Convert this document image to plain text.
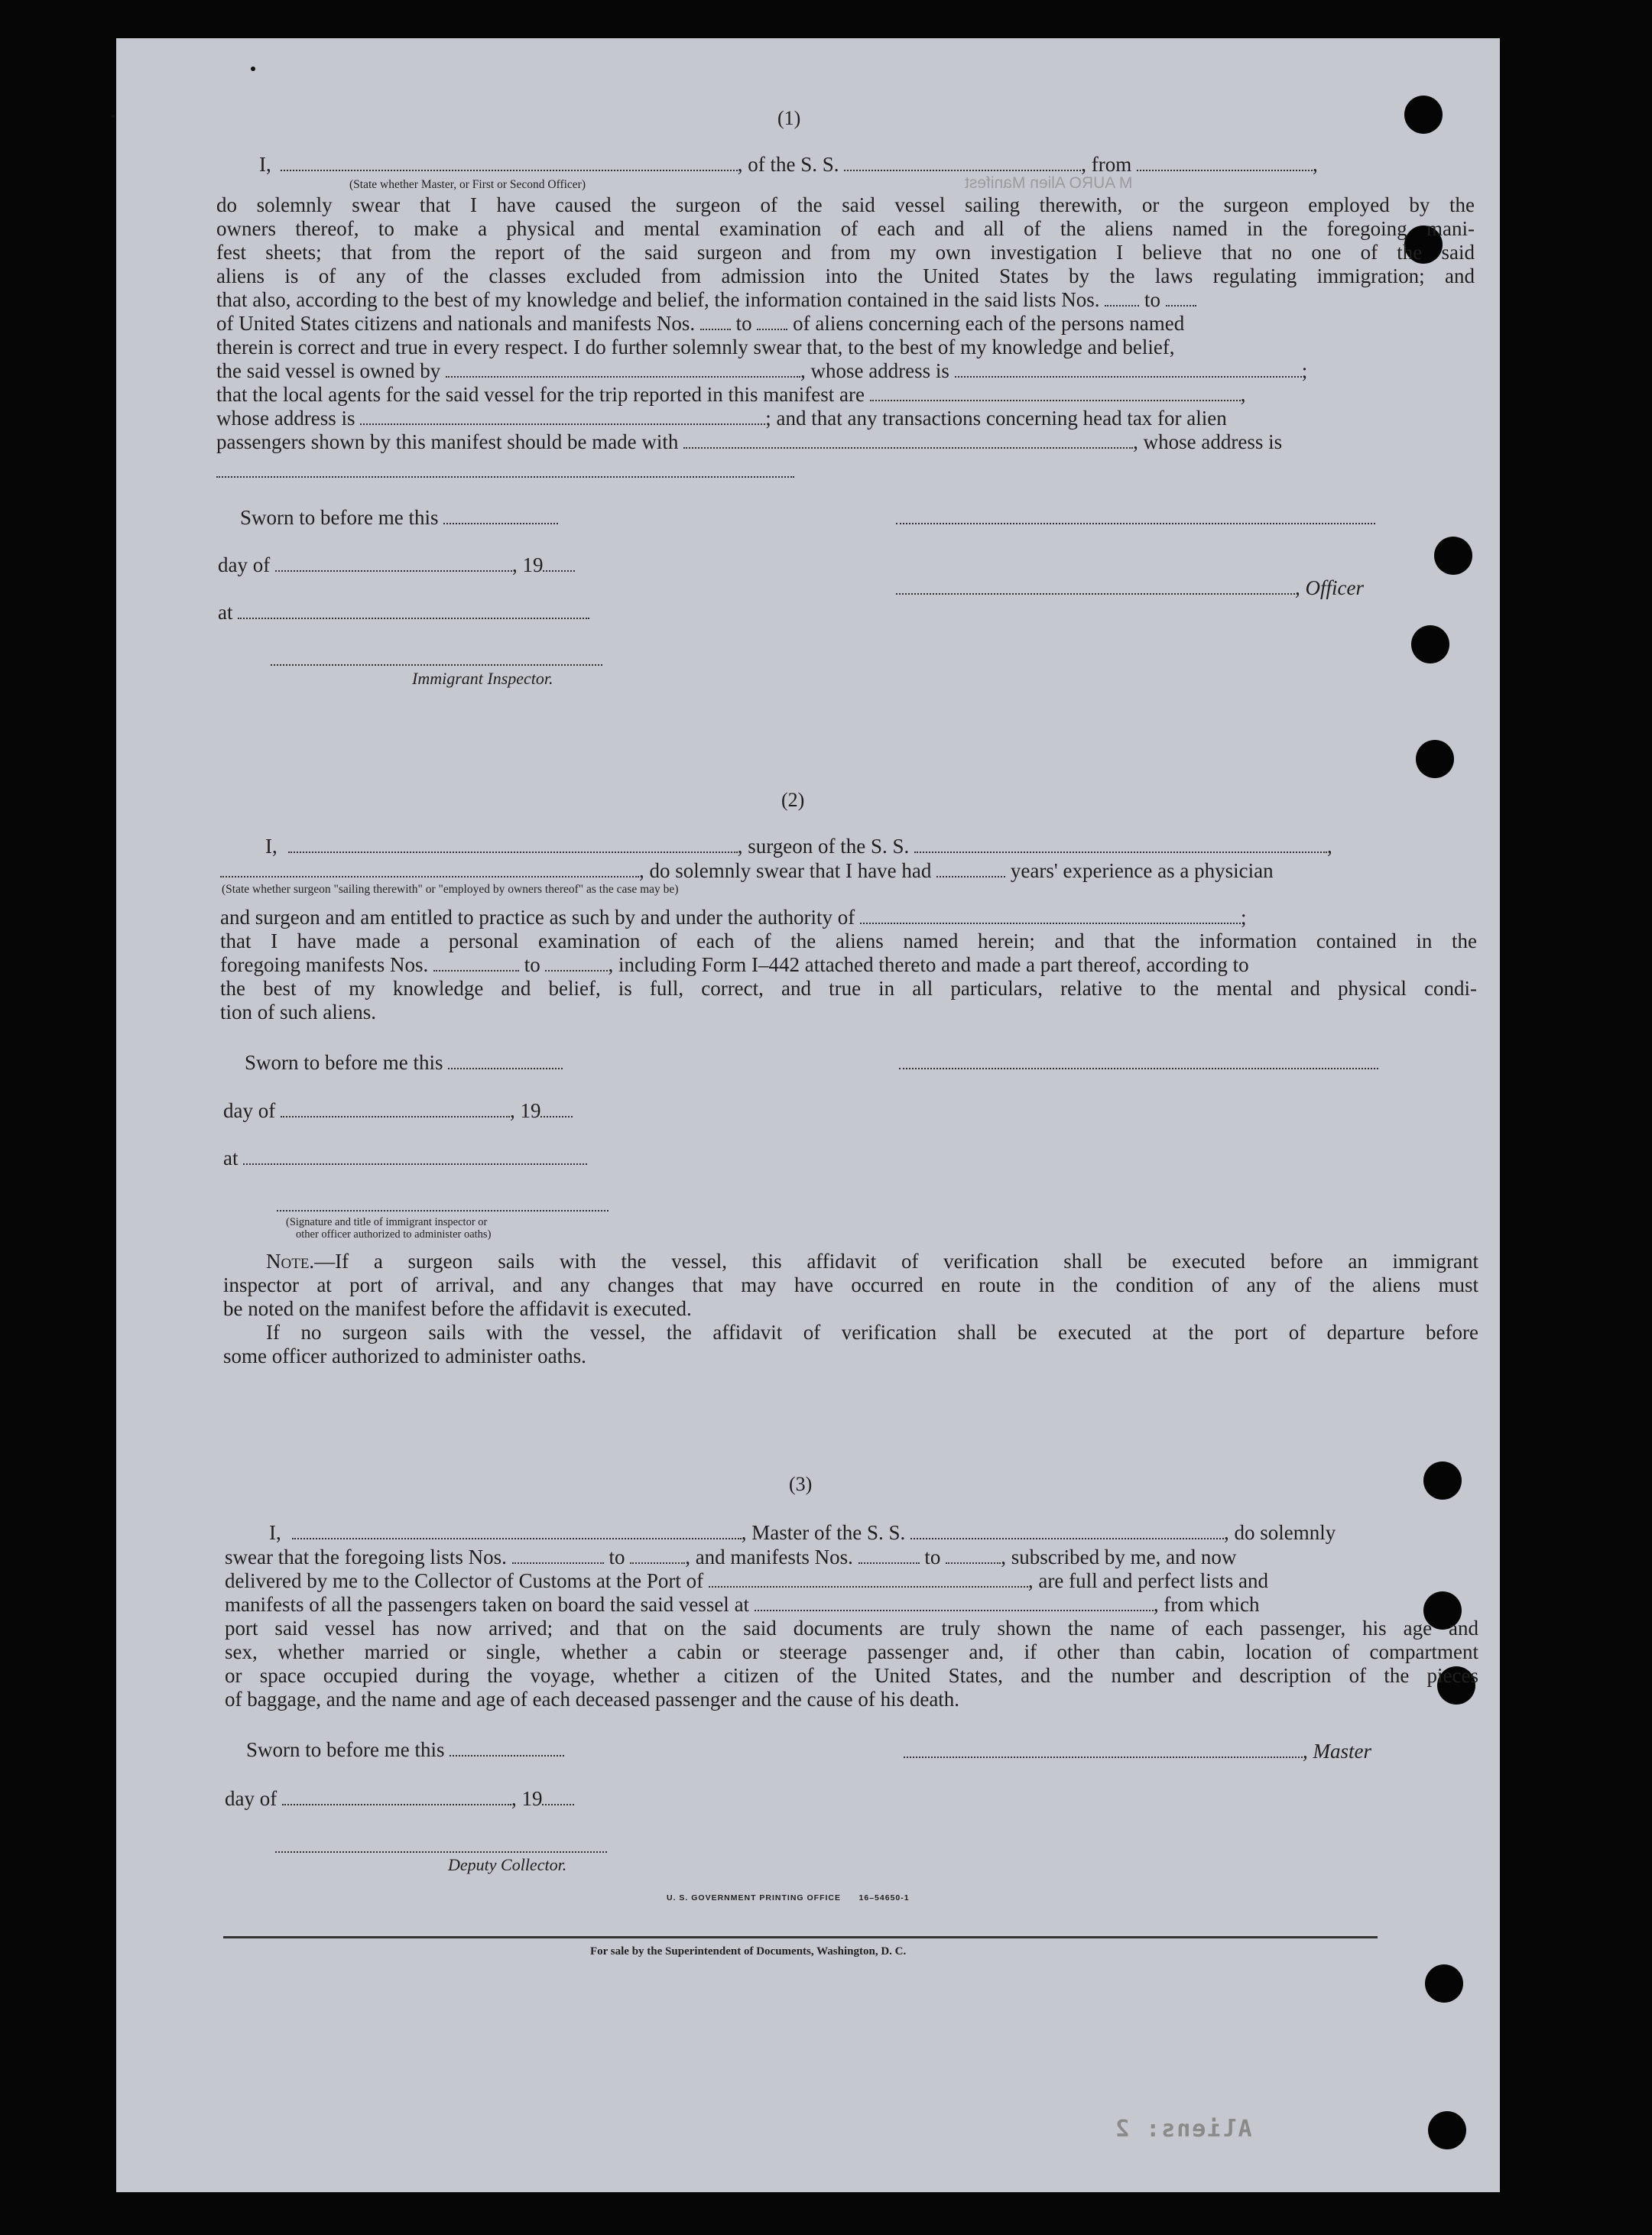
M AURO Alien Manifest
(1)
I,	, of the S. S.	, from	,
(State whether Master, or First or Second Officer)
do solemnly swear that I have caused the surgeon of the said vessel sailing therewith, or the surgeon employed by the
owners thereof, to make a physical and mental examination of each and all of the aliens named in the foregoing mani-
fest sheets; that from the report of the said surgeon and from my own investigation I believe that no one of the said
aliens is of any of the classes excluded from admission into the United States by the laws regulating immigration; and
that also, according to the best of my knowledge and belief, the information contained in the said lists Nos. to
of United States citizens and nationals and manifests Nos. to of aliens concerning each of the persons named
therein is correct and true in every respect. I do further solemnly swear that, to the best of my knowledge and belief,
the said vessel is owned by	, whose address is	;
that the local agents for the said vessel for the trip reported in this manifest are	,
whose address is	; and that any transactions concerning head tax for alien
passengers shown by this manifest should be made with	, whose address is
Sworn to before me this
day of	, 19
, Officer
at
Immigrant Inspector.
(2)
I,	, surgeon of the S. S.	,
, do solemnly swear that I have had	years' experience as a physician
(State whether surgeon "sailing therewith" or "employed by owners thereof" as the case may be)
and surgeon and am entitled to practice as such by and under the authority of	;
that I have made a personal examination of each of the aliens named herein; and that the information contained in the
foregoing manifests Nos.	to	, including Form I–442 attached thereto and made a part thereof, according to
the best of my knowledge and belief, is full, correct, and true in all particulars, relative to the mental and physical condi-
tion of such aliens.
Sworn to before me this
day of	, 19
at
(Signature and title of immigrant inspector or
other officer authorized to administer oaths)
Note.—If a surgeon sails with the vessel, this affidavit of verification shall be executed before an immigrant
inspector at port of arrival, and any changes that may have occurred en route in the condition of any of the aliens must
be noted on the manifest before the affidavit is executed.
If no surgeon sails with the vessel, the affidavit of verification shall be executed at the port of departure before
some officer authorized to administer oaths.
(3)
I,	, Master of the S. S.	, do solemnly
swear that the foregoing lists Nos.	to	, and manifests Nos.	to	, subscribed by me, and now
delivered by me to the Collector of Customs at the Port of	, are full and perfect lists and
manifests of all the passengers taken on board the said vessel at	, from which
port said vessel has now arrived; and that on the said documents are truly shown the name of each passenger, his age and
sex, whether married or single, whether a cabin or steerage passenger and, if other than cabin, location of compartment
or space occupied during the voyage, whether a citizen of the United States, and the number and description of the pieces
of baggage, and the name and age of each deceased passenger and the cause of his death.
Sworn to before me this	, Master
day of	, 19
Deputy Collector.
U. S. GOVERNMENT PRINTING OFFICE 16–54650-1
For sale by the Superintendent of Documents, Washington, D. C.
Aliens: 2
